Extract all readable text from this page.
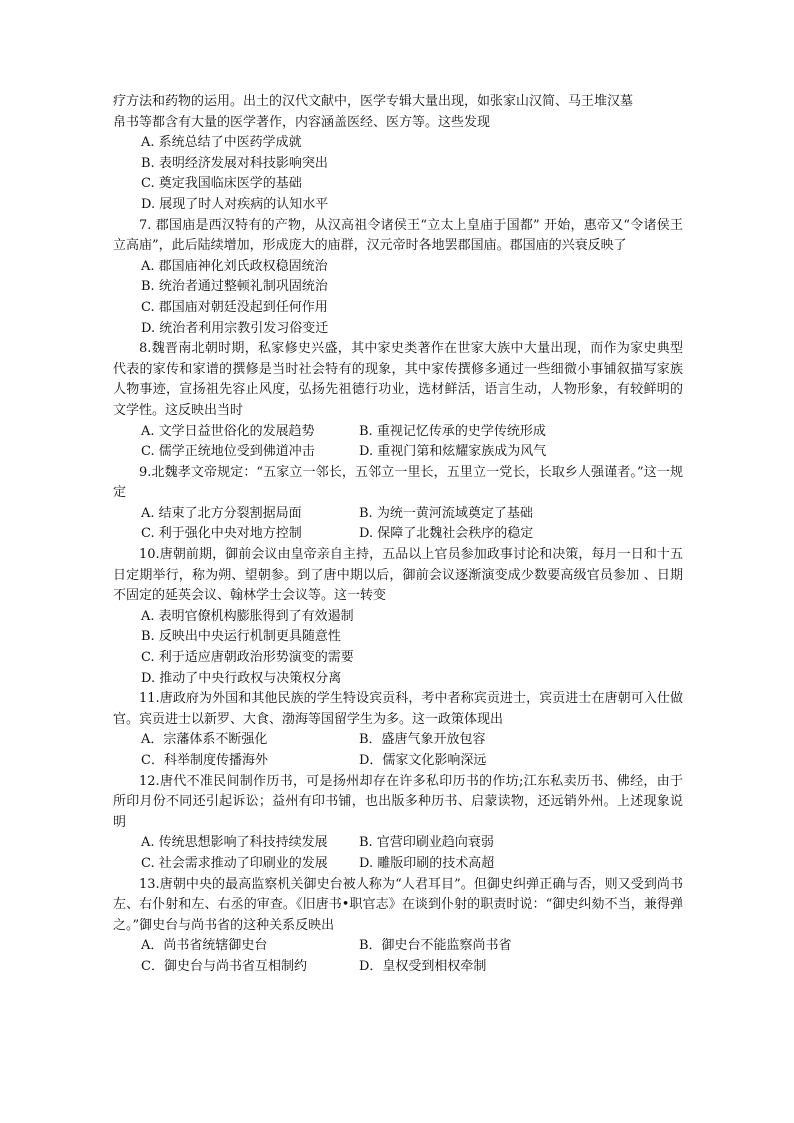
疗方法和药物的运用。出土的汉代文献中，医学专辑大量出现，如张家山汉简、马王堆汉墓

帛书等都含有大量的医学著作，内容涵盖医经、医方等。这些发现

A. 系统总结了中医药学成就

B. 表明经济发展对科技影响突出

C. 奠定我国临床医学的基础

D. 展现了时人对疾病的认知水平

7. 郡国庙是西汉特有的产物，从汉高祖令诸侯王“立太上皇庙于国都” 开始，惠帝又“令诸侯王立高庙”，此后陆续增加，形成庞大的庙群，汉元帝时各地罢郡国庙。郡国庙的兴衰反映了

A. 郡国庙神化刘氏政权稳固统治

B. 统治者通过整顿礼制巩固统治

C. 郡国庙对朝廷没起到任何作用

D. 统治者利用宗教引发习俗变迁

8.魏晋南北朝时期，私家修史兴盛，其中家史类著作在世家大族中大量出现，而作为家史典型代表的家传和家谱的撰修是当时社会特有的现象，其中家传撰修多通过一些细微小事铺叙描写家族人物事迹，宣扬祖先容止风度，弘扬先祖德行功业，选材鲜活，语言生动，人物形象，有较鲜明的文学性。这反映出当时

A. 文学日益世俗化的发展趋势	B. 重视记忆传承的史学传统形成
C. 儒学正统地位受到佛道冲击	D. 重视门第和炫耀家族成为风气

9.北魏孝文帝规定：“五家立一邻长，五邻立一里长，五里立一党长，长取乡人强谨者。”这一规定

A. 结束了北方分裂割据局面	B. 为统一黄河流域奠定了基础
C. 利于强化中央对地方控制	D. 保障了北魏社会秩序的稳定

10.唐朝前期，御前会议由皇帝亲自主持，五品以上官员参加政事讨论和决策，每月一日和十五日定期举行，称为朔、望朝参。到了唐中期以后，御前会议逐渐演变成少数要高级官员参加 、日期不固定的延英会议、翰林学士会议等。这一转变

A. 表明官僚机构膨胀得到了有效遏制

B. 反映出中央运行机制更具随意性

C. 利于适应唐朝政治形势演变的需要

D. 推动了中央行政权与决策权分离

11.唐政府为外国和其他民族的学生特设宾贡科，考中者称宾贡进士，宾贡进士在唐朝可入仕做官。宾贡进士以新罗、大食、渤海等国留学生为多。这一政策体现出

A．宗藩体系不断强化	B．盛唐气象开放包容
C．科举制度传播海外	D．儒家文化影响深远

12.唐代不准民间制作历书，可是扬州却存在许多私印历书的作坊;江东私卖历书、佛经，由于所印月份不同还引起诉讼；益州有印书铺，也出版多种历书、启蒙读物，还远销外州。上述现象说明

A. 传统思想影响了科技持续发展	B. 官营印刷业趋向衰弱
C. 社会需求推动了印刷业的发展	D. 雕版印刷的技术高超

13.唐朝中央的最高监察机关御史台被人称为“人君耳目”。但御史纠弹正确与否，则又受到尚书左、右仆射和左、右丞的审查。《旧唐书•职官志》在谈到仆射的职责时说：“御史纠劾不当，兼得弹之。”御史台与尚书省的这种关系反映出

A．尚书省统辖御史台	B．御史台不能监察尚书省
C．御史台与尚书省互相制约	D．皇权受到相权牵制
